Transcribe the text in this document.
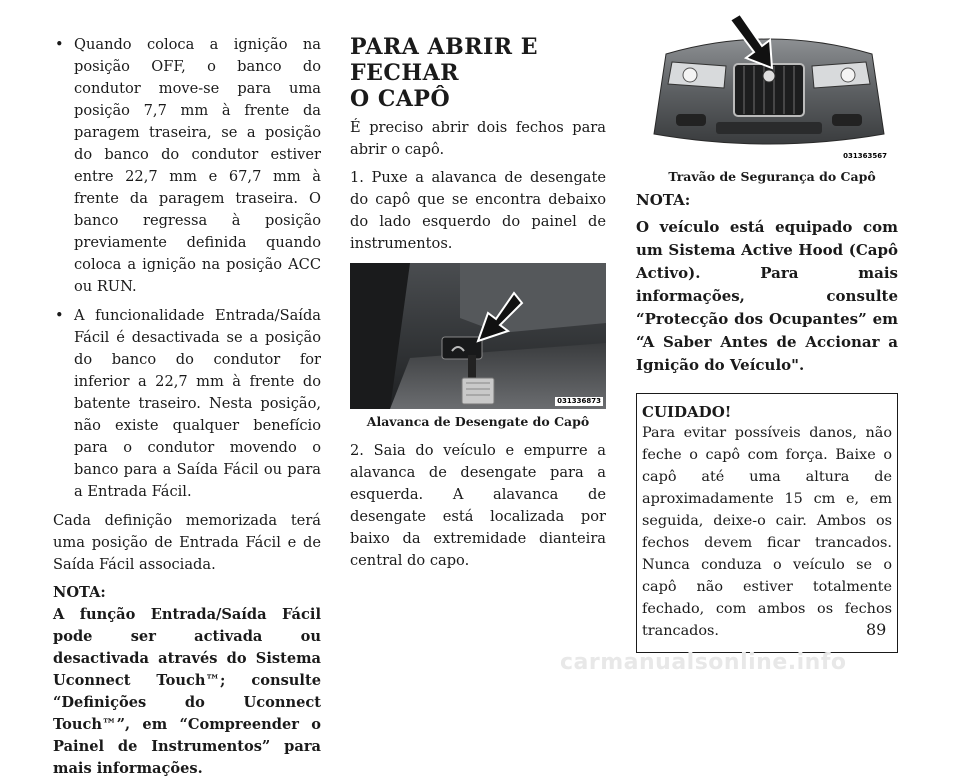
• Quando coloca a ignição na posição OFF, o banco do condutor move-se para uma posição 7,7 mm à frente da paragem traseira, se a posição do banco do condutor estiver entre 22,7 mm e 67,7 mm à frente da paragem traseira. O banco regressa à posição previamente definida quando coloca a ignição na posição ACC ou RUN.
• A funcionalidade Entrada/Saída Fácil é desactivada se a posição do banco do condutor for inferior a 22,7 mm à frente do batente traseiro. Nesta posição, não existe qualquer benefício para o condutor movendo o banco para a Saída Fácil ou para a Entrada Fácil.

Cada definição memorizada terá uma posição de Entrada Fácil e de Saída Fácil associada.

NOTA:

A função Entrada/Saída Fácil pode ser activada ou desactivada através do Sistema Uconnect Touch™; consulte “Definições do Uconnect Touch™”, em “Compreender o Painel de Instrumentos” para mais informações.

PARA ABRIR E FECHAR
O CAPÔ

É preciso abrir dois fechos para abrir o capô.

1. Puxe a alavanca de desengate do capô que se encontra debaixo do lado esquerdo do painel de instrumentos.

031336873

Alavanca de Desengate do Capô

2. Saia do veículo e empurre a alavanca de desengate para a esquerda. A alavanca de desengate está localizada por baixo da extremidade dianteira central do capo.

031363567

Travão de Segurança do Capô

NOTA:

O veículo está equipado com um Sistema Active Hood (Capô Activo). Para mais informações, consulte “Protecção dos Ocupantes” em “A Saber Antes de Accionar a Ignição do Veículo".

CUIDADO!

Para evitar possíveis danos, não feche o capô com força. Baixe o capô até uma altura de aproximadamente 15 cm e, em seguida, deixe-o cair. Ambos os fechos devem ficar trancados. Nunca conduza o veículo se o capô não estiver totalmente fechado, com ambos os fechos trancados.	89
carmanualsonline.info
